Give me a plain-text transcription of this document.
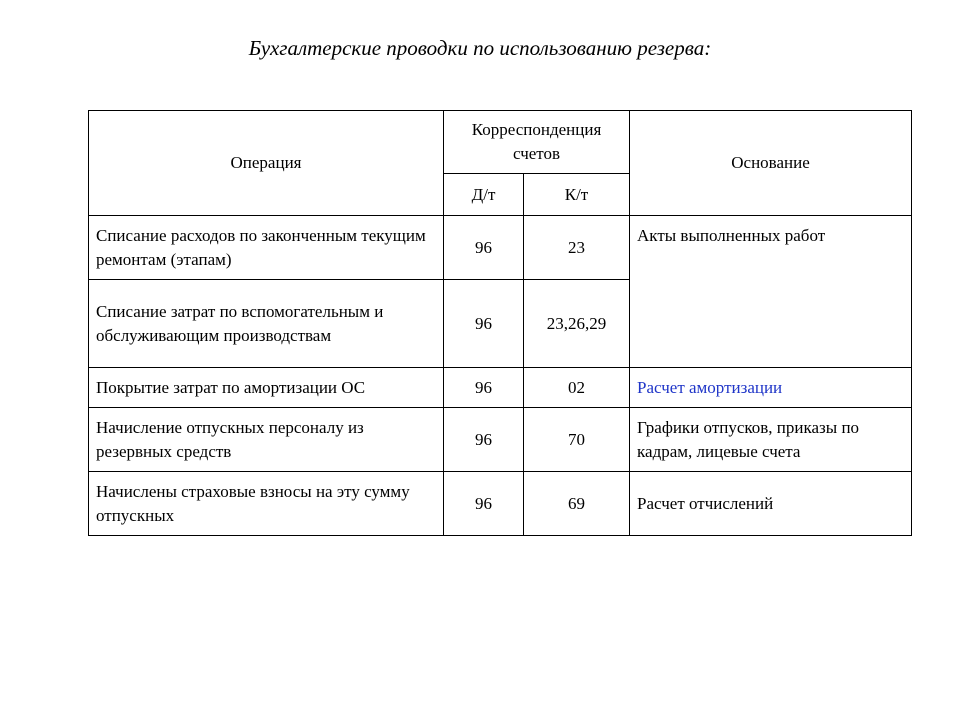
Бухгалтерские проводки по использованию резерва:
Операция	Корреспонденция счетов		Основание
	Д/т	К/т	
Списание расходов по законченным текущим ремонтам (этапам)	96	23	Акты выполненных работ
Списание затрат по вспомогательным и обслуживающим производствам	96	23,26,29	
Покрытие затрат по амортизации ОС	96	02	Расчет амортизации
Начисление отпускных персоналу из резервных средств	96	70	Графики отпусков, приказы по кадрам, лицевые счета
Начислены страховые взносы на эту сумму отпускных	96	69	Расчет отчислений
